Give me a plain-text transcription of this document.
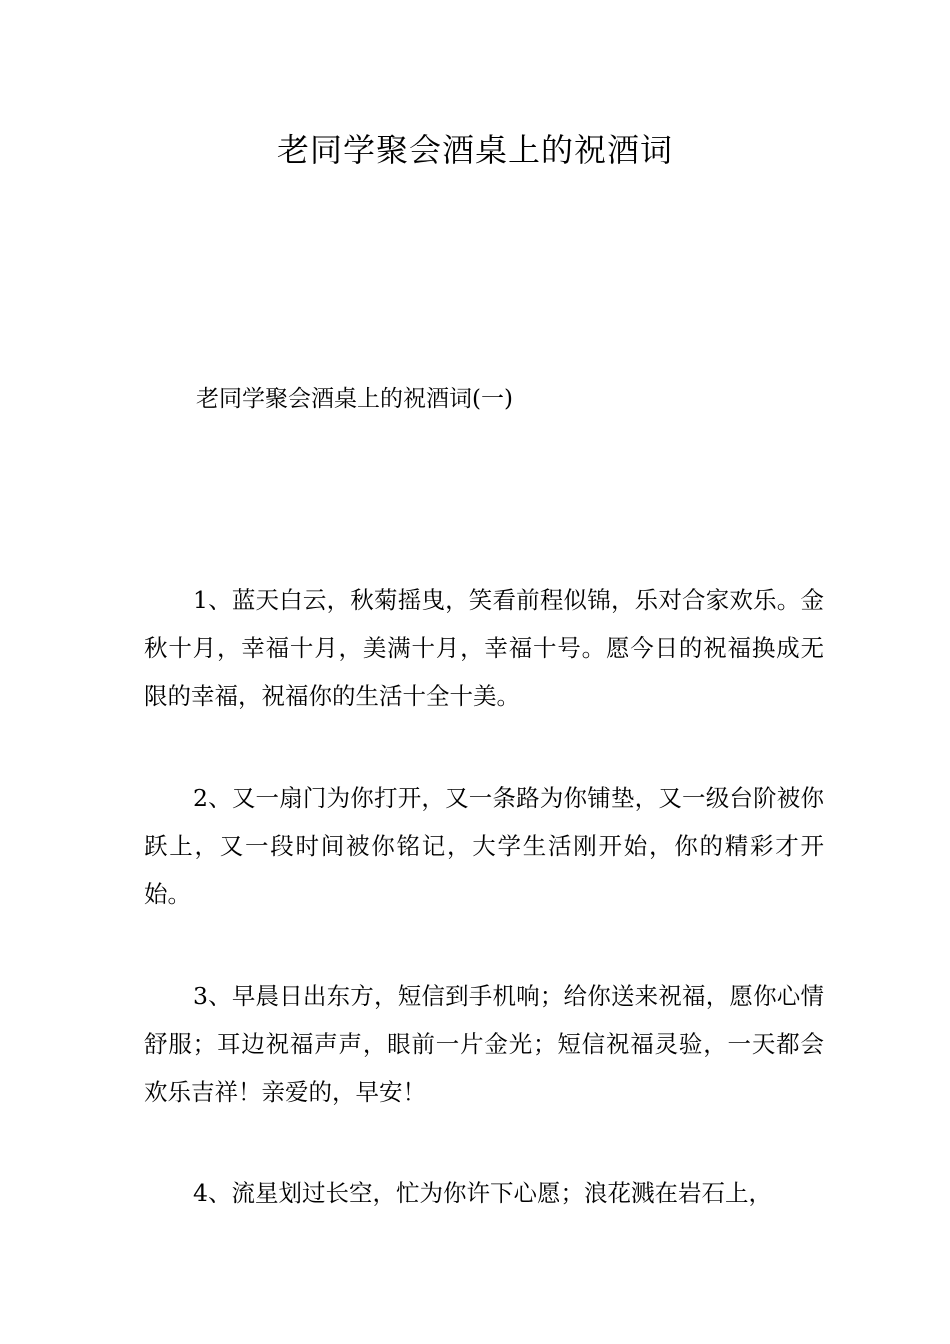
老同学聚会酒桌上的祝酒词
老同学聚会酒桌上的祝酒词(一)

1、蓝天白云，秋菊摇曳，笑看前程似锦，乐对合家欢乐。金秋十月，幸福十月，美满十月，幸福十号。愿今日的祝福换成无限的幸福，祝福你的生活十全十美。

2、又一扇门为你打开，又一条路为你铺垫，又一级台阶被你跃上，又一段时间被你铭记，大学生活刚开始，你的精彩才开始。

3、早晨日出东方，短信到手机响；给你送来祝福，愿你心情舒服；耳边祝福声声，眼前一片金光；短信祝福灵验，一天都会欢乐吉祥！亲爱的，早安！

4、流星划过长空，忙为你许下心愿；浪花溅在岩石上，
